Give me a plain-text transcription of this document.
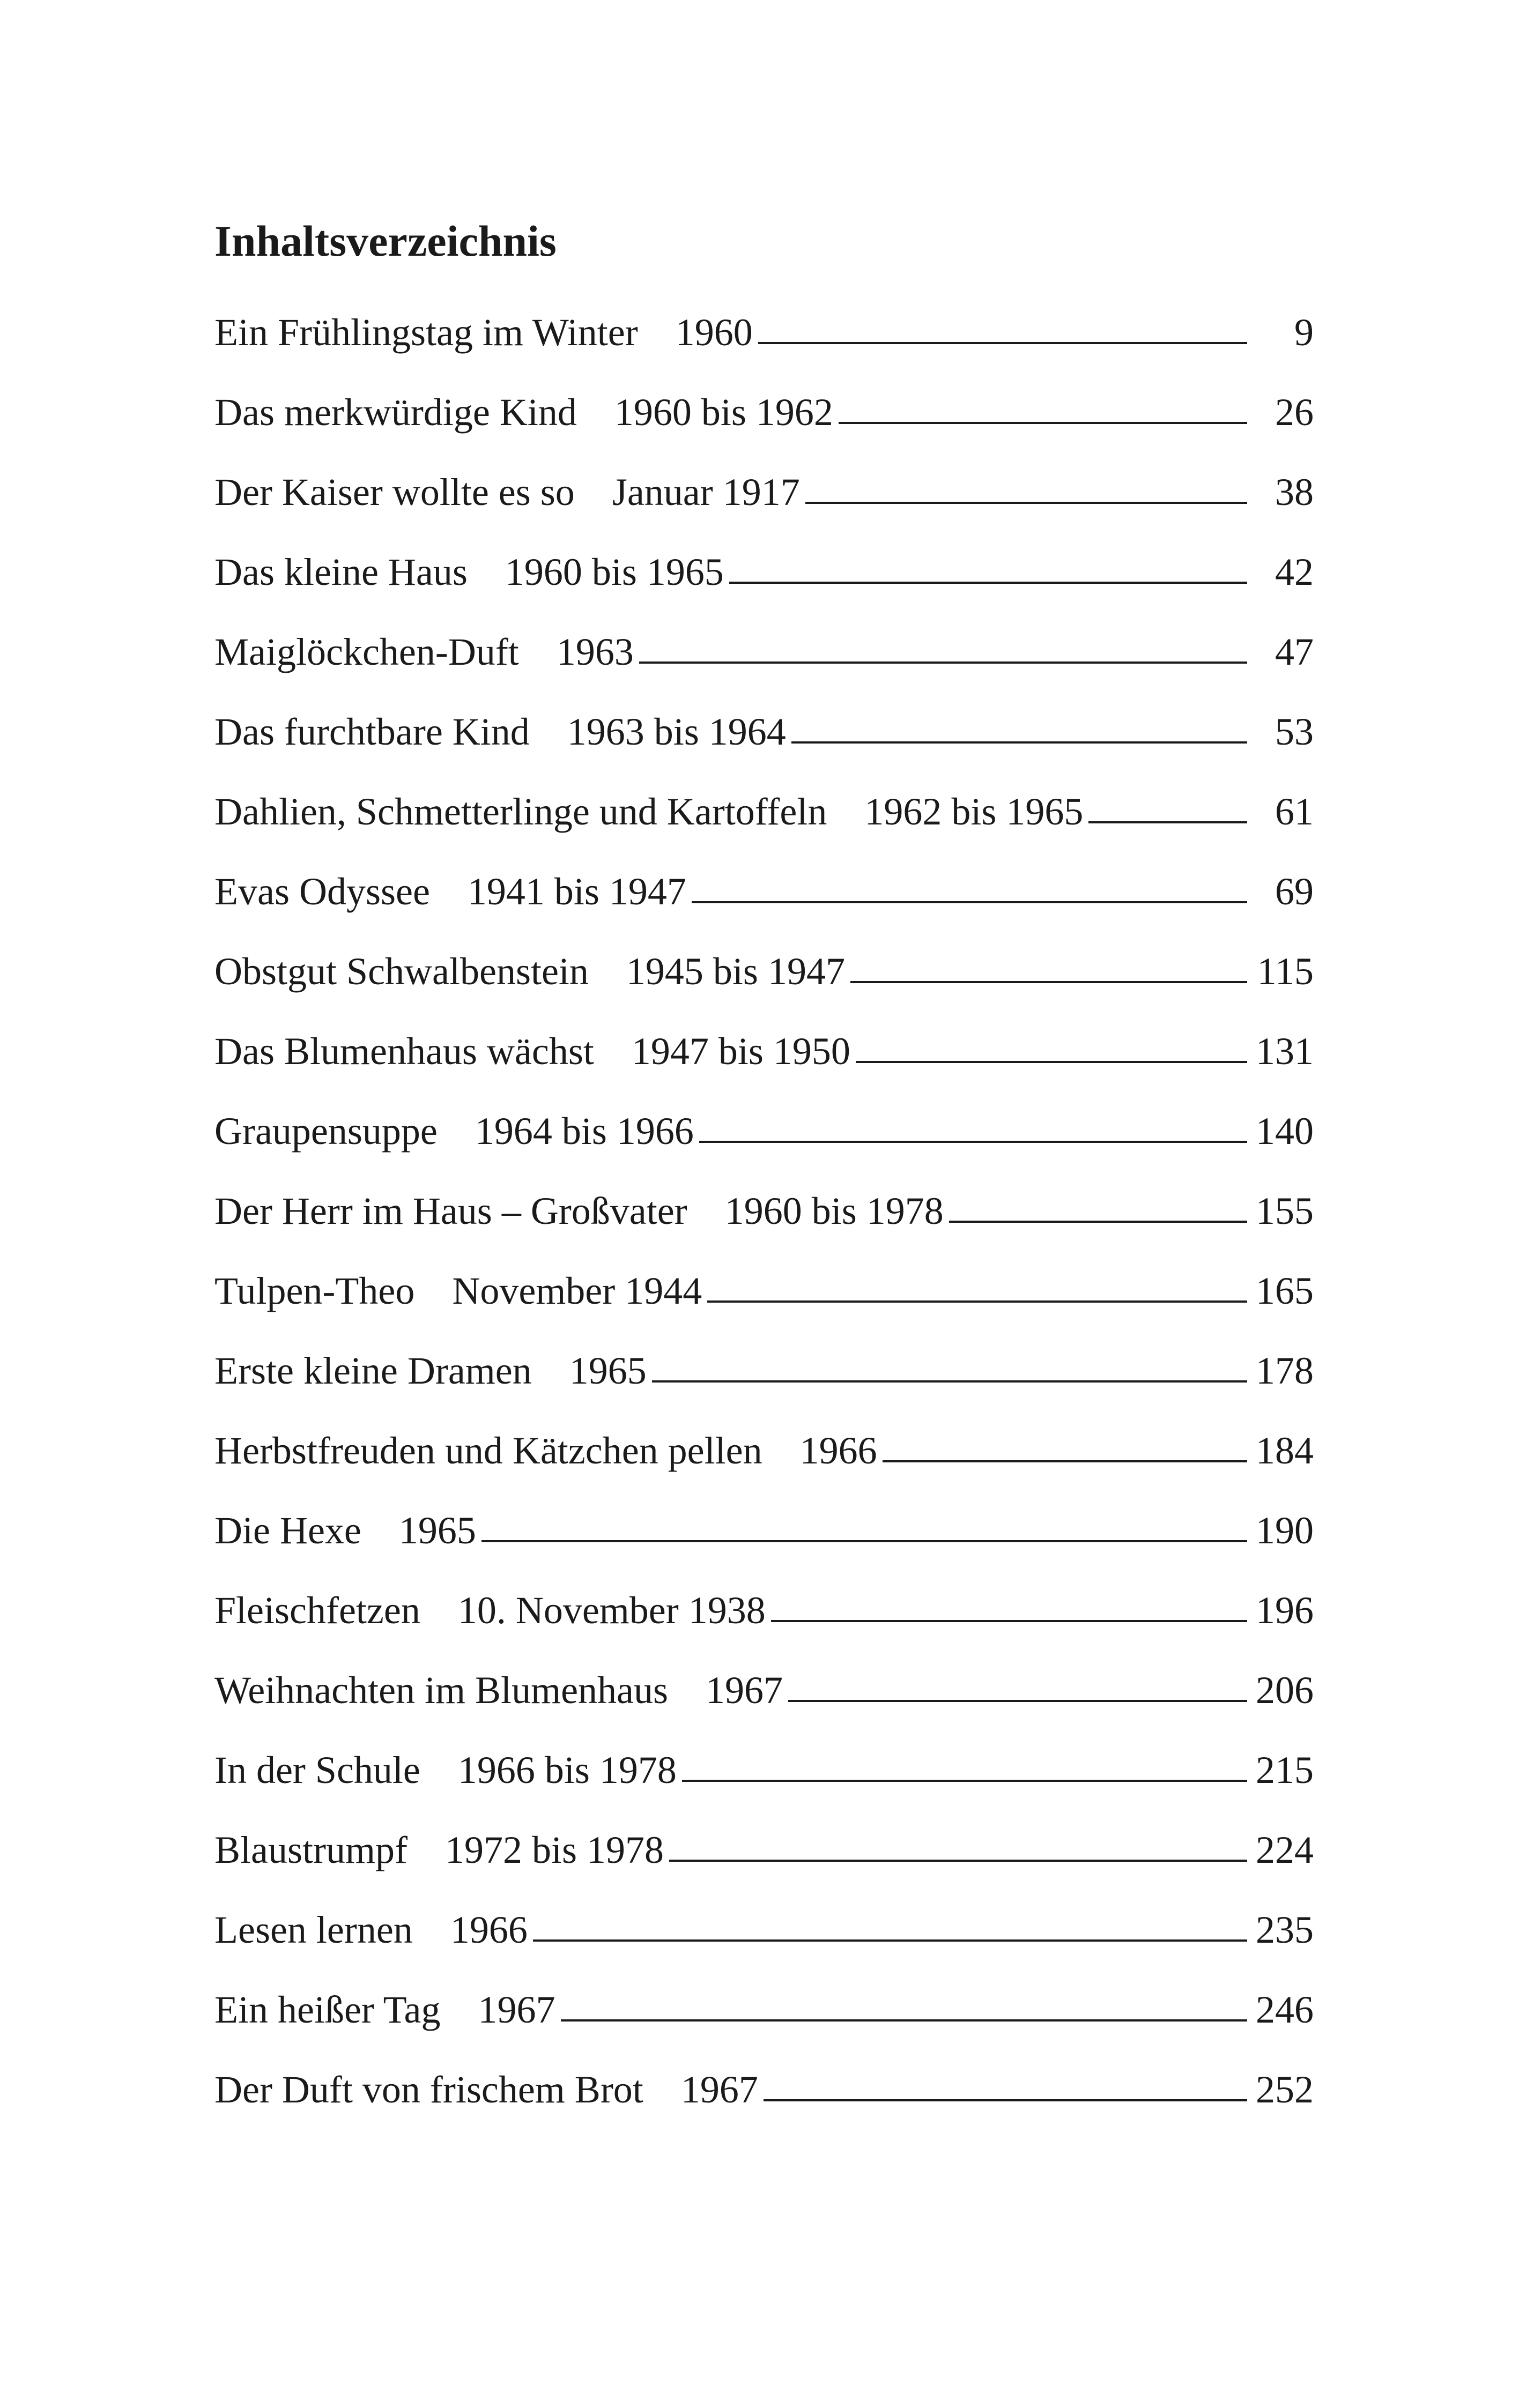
Inhaltsverzeichnis
Ein Frühlingstag im Winter 1960	9
Das merkwürdige Kind 1960 bis 1962	26
Der Kaiser wollte es so Januar 1917	38
Das kleine Haus 1960 bis 1965	42
Maiglöckchen-Duft 1963	47
Das furchtbare Kind 1963 bis 1964	53
Dahlien, Schmetterlinge und Kartoffeln 1962 bis 1965	61
Evas Odyssee 1941 bis 1947	69
Obstgut Schwalbenstein 1945 bis 1947	115
Das Blumenhaus wächst 1947 bis 1950	131
Graupensuppe 1964 bis 1966	140
Der Herr im Haus – Großvater 1960 bis 1978	155
Tulpen-Theo November 1944	165
Erste kleine Dramen 1965	178
Herbstfreuden und Kätzchen pellen 1966	184
Die Hexe 1965	190
Fleischfetzen 10. November 1938	196
Weihnachten im Blumenhaus 1967	206
In der Schule 1966 bis 1978	215
Blaustrumpf 1972 bis 1978	224
Lesen lernen 1966	235
Ein heißer Tag 1967	246
Der Duft von frischem Brot 1967	252
